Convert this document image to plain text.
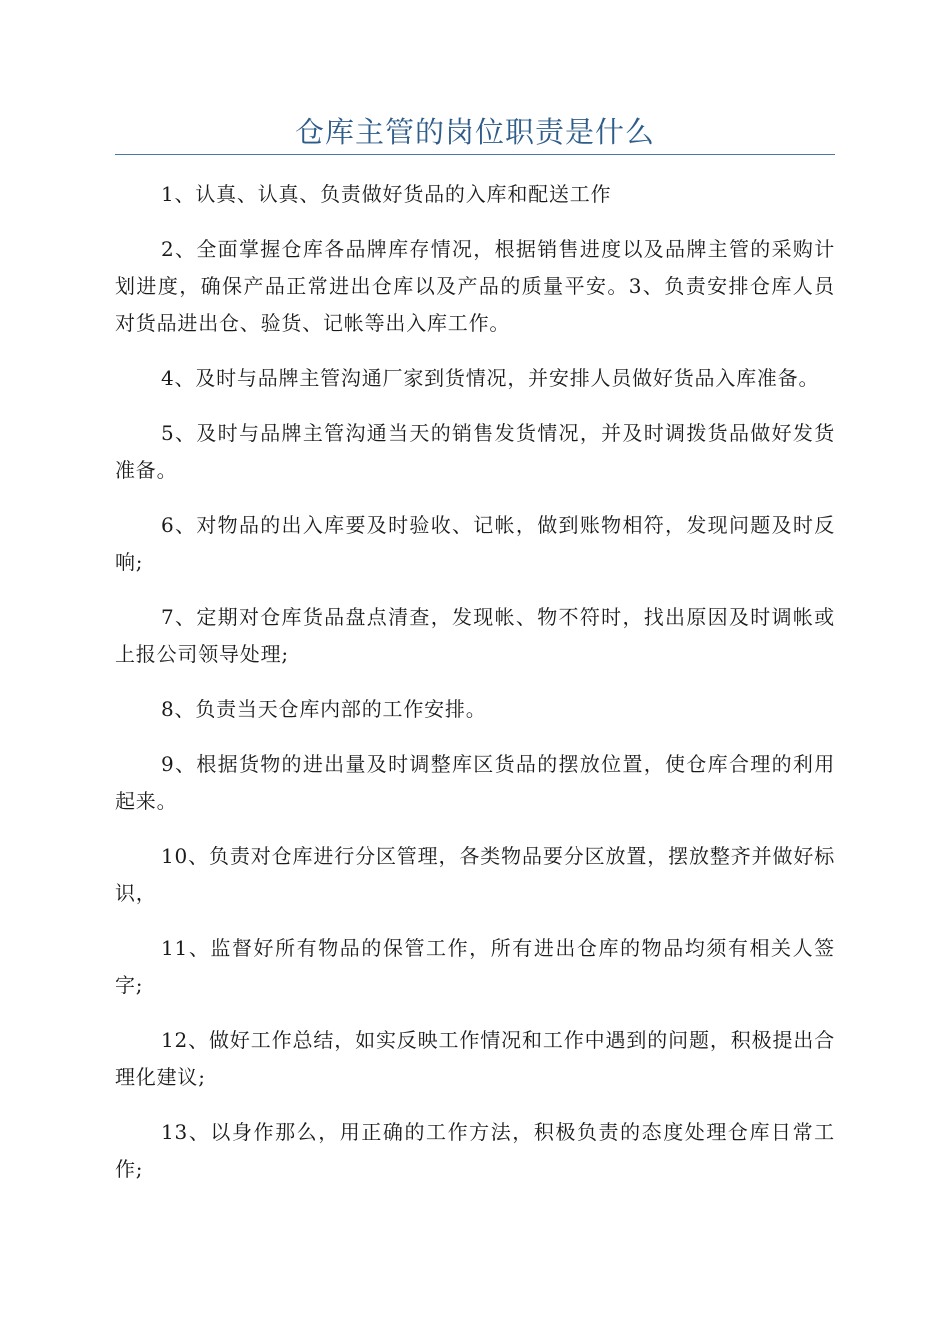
仓库主管的岗位职责是什么

1、认真、认真、负责做好货品的入库和配送工作

2、全面掌握仓库各品牌库存情况，根据销售进度以及品牌主管的采购计划进度，确保产品正常进出仓库以及产品的质量平安。3、负责安排仓库人员对货品进出仓、验货、记帐等出入库工作。

4、及时与品牌主管沟通厂家到货情况，并安排人员做好货品入库准备。

5、及时与品牌主管沟通当天的销售发货情况，并及时调拨货品做好发货准备。

6、对物品的出入库要及时验收、记帐，做到账物相符，发现问题及时反响;

7、定期对仓库货品盘点清查，发现帐、物不符时，找出原因及时调帐或上报公司领导处理;

8、负责当天仓库内部的工作安排。

9、根据货物的进出量及时调整库区货品的摆放位置，使仓库合理的利用起来。

10、负责对仓库进行分区管理，各类物品要分区放置，摆放整齐并做好标识，

11、监督好所有物品的保管工作，所有进出仓库的物品均须有相关人签字;

12、做好工作总结，如实反映工作情况和工作中遇到的问题，积极提出合理化建议;

13、以身作那么，用正确的工作方法，积极负责的态度处理仓库日常工作;
